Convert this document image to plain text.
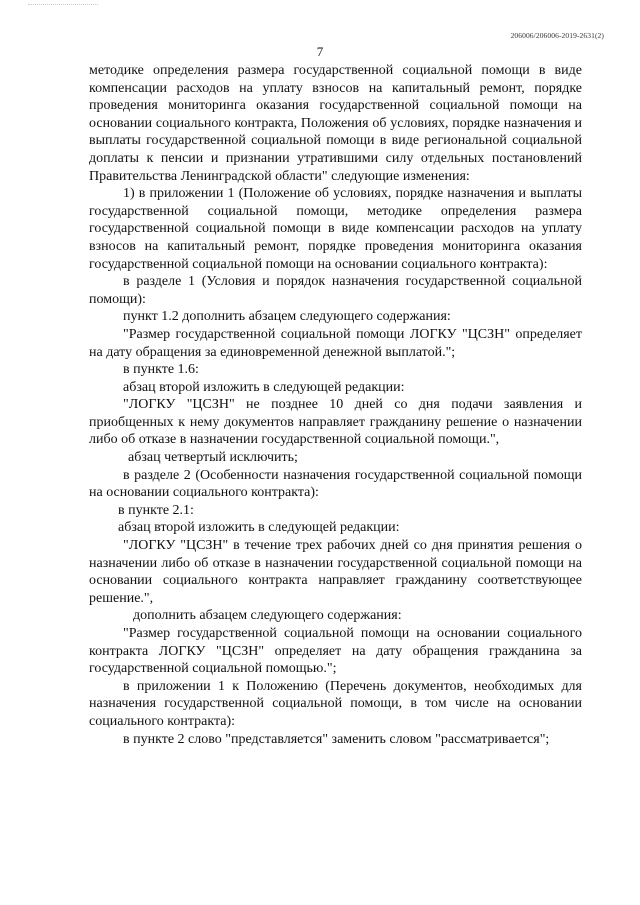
206006/206006-2019-2631(2)
7

методике определения размера государственной социальной помощи в виде компенсации расходов на уплату взносов на капитальный ремонт, порядке проведения мониторинга оказания государственной социальной помощи на основании социального контракта, Положения об условиях, порядке назначения и выплаты государственной социальной помощи в виде региональной социальной доплаты к пенсии и признании утратившими силу отдельных постановлений Правительства Ленинградской области" следующие изменения:

1) в приложении 1 (Положение об условиях, порядке назначения и выплаты государственной социальной помощи, методике определения размера государственной социальной помощи в виде компенсации расходов на уплату взносов на капитальный ремонт, порядке проведения мониторинга оказания государственной социальной помощи на основании социального контракта):

в разделе 1 (Условия и порядок назначения государственной социальной помощи):

пункт 1.2 дополнить абзацем следующего содержания:

"Размер государственной социальной помощи ЛОГКУ "ЦСЗН" определяет на дату обращения за единовременной денежной выплатой.";

в пункте 1.6:

абзац второй изложить в следующей редакции:

"ЛОГКУ "ЦСЗН" не позднее 10 дней со дня подачи заявления и приобщенных к нему документов направляет гражданину решение о назначении либо об отказе в назначении государственной социальной помощи.",

абзац четвертый исключить;

в разделе 2 (Особенности назначения государственной социальной помощи на основании социального контракта):

в пункте 2.1:

абзац второй изложить в следующей редакции:

"ЛОГКУ "ЦСЗН" в течение трех рабочих дней со дня принятия решения о назначении либо об отказе в назначении государственной социальной помощи на основании социального контракта направляет гражданину соответствующее решение.",

дополнить абзацем следующего содержания:

"Размер государственной социальной помощи на основании социального контракта ЛОГКУ "ЦСЗН" определяет на дату обращения гражданина за государственной социальной помощью.";

в приложении 1 к Положению (Перечень документов, необходимых для назначения государственной социальной помощи, в том числе на основании социального контракта):

в пункте 2 слово "представляется" заменить словом "рассматривается";
